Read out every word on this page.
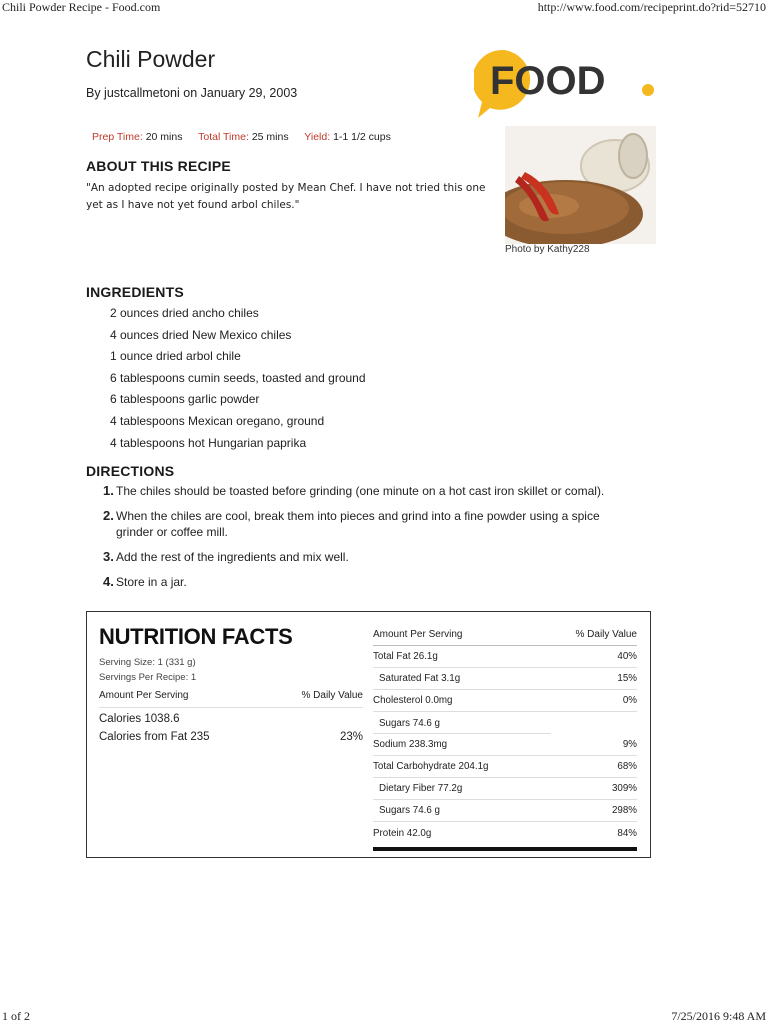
Chili Powder Recipe - Food.com	http://www.food.com/recipeprint.do?rid=52710
Chili Powder
By justcallmetoni on January 29, 2003
Prep Time: 20 mins Total Time: 25 mins Yield: 1-1 1/2 cups
FOOD
Photo by Kathy228
ABOUT THIS RECIPE

"An adopted recipe originally posted by Mean Chef. I have not tried this one yet as I have not yet found arbol chiles."

INGREDIENTS
2 ounces dried ancho chiles
4 ounces dried New Mexico chiles
1 ounce dried arbol chile
6 tablespoons cumin seeds, toasted and ground
6 tablespoons garlic powder
4 tablespoons Mexican oregano, ground
4 tablespoons hot Hungarian paprika
DIRECTIONS
1. The chiles should be toasted before grinding (one minute on a hot cast iron skillet or comal).
2. When the chiles are cool, break them into pieces and grind into a fine powder using a spice grinder or coffee mill.
3. Add the rest of the ingredients and mix well.
4. Store in a jar.
NUTRITION FACTS
Serving Size: 1 (331 g)
Servings Per Recipe: 1
Amount Per Serving	% Daily Value
Calories 1038.6
Calories from Fat 235	23%
Amount Per Serving	% Daily Value
Total Fat 26.1g	40%
Saturated Fat 3.1g	15%
Cholesterol 0.0mg	0%
Sugars 74.6 g
Sodium 238.3mg	9%
Total Carbohydrate 204.1g	68%
Dietary Fiber 77.2g	309%
Sugars 74.6 g	298%
Protein 42.0g	84%
1 of 2	7/25/2016 9:48 AM
